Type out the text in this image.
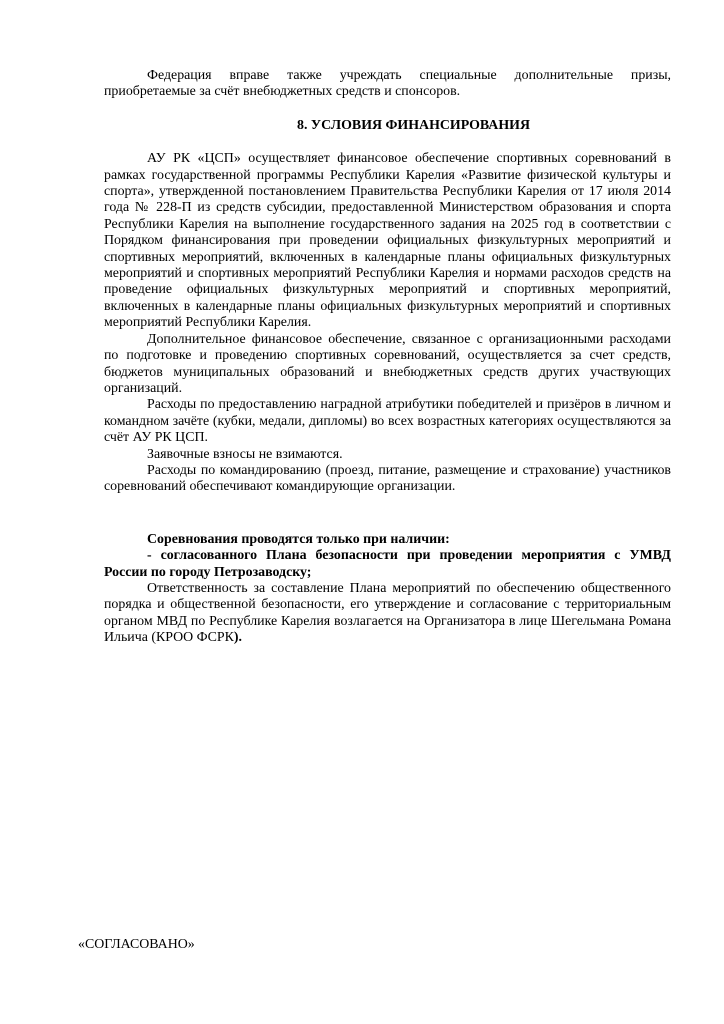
Федерация вправе также учреждать специальные дополнительные призы, приобретаемые за счёт внебюджетных средств и спонсоров.

8. УСЛОВИЯ ФИНАНСИРОВАНИЯ

АУ РК «ЦСП» осуществляет финансовое обеспечение спортивных соревнований в рамках государственной программы Республики Карелия «Развитие физической культуры и спорта», утвержденной постановлением Правительства Республики Карелия от 17 июля 2014 года № 228-П из средств субсидии, предоставленной Министерством образования и спорта Республики Карелия на выполнение государственного задания на 2025 год в соответствии с Порядком финансирования при проведении официальных физкультурных мероприятий и спортивных мероприятий, включенных в календарные планы официальных физкультурных мероприятий и спортивных мероприятий Республики Карелия и нормами расходов средств на проведение официальных физкультурных мероприятий и спортивных мероприятий, включенных в календарные планы официальных физкультурных мероприятий и спортивных мероприятий Республики Карелия.

Дополнительное финансовое обеспечение, связанное с организационными расходами по подготовке и проведению спортивных соревнований, осуществляется за счет средств, бюджетов муниципальных образований и внебюджетных средств других участвующих организаций.

Расходы по предоставлению наградной атрибутики победителей и призёров в личном и командном зачёте (кубки, медали, дипломы) во всех возрастных категориях осуществляются за счёт АУ РК ЦСП.

Заявочные взносы не взимаются.

Расходы по командированию (проезд, питание, размещение и страхование) участников соревнований обеспечивают командирующие организации.

Соревнования проводятся только при наличии:

- согласованного Плана безопасности при проведении мероприятия с УМВД России по городу Петрозаводску;

Ответственность за составление Плана мероприятий по обеспечению общественного порядка и общественной безопасности, его утверждение и согласование с территориальным органом МВД по Республике Карелия возлагается на Организатора в лице Шегельмана Романа Ильича (КРОО ФСРК).

«СОГЛАСОВАНО»
